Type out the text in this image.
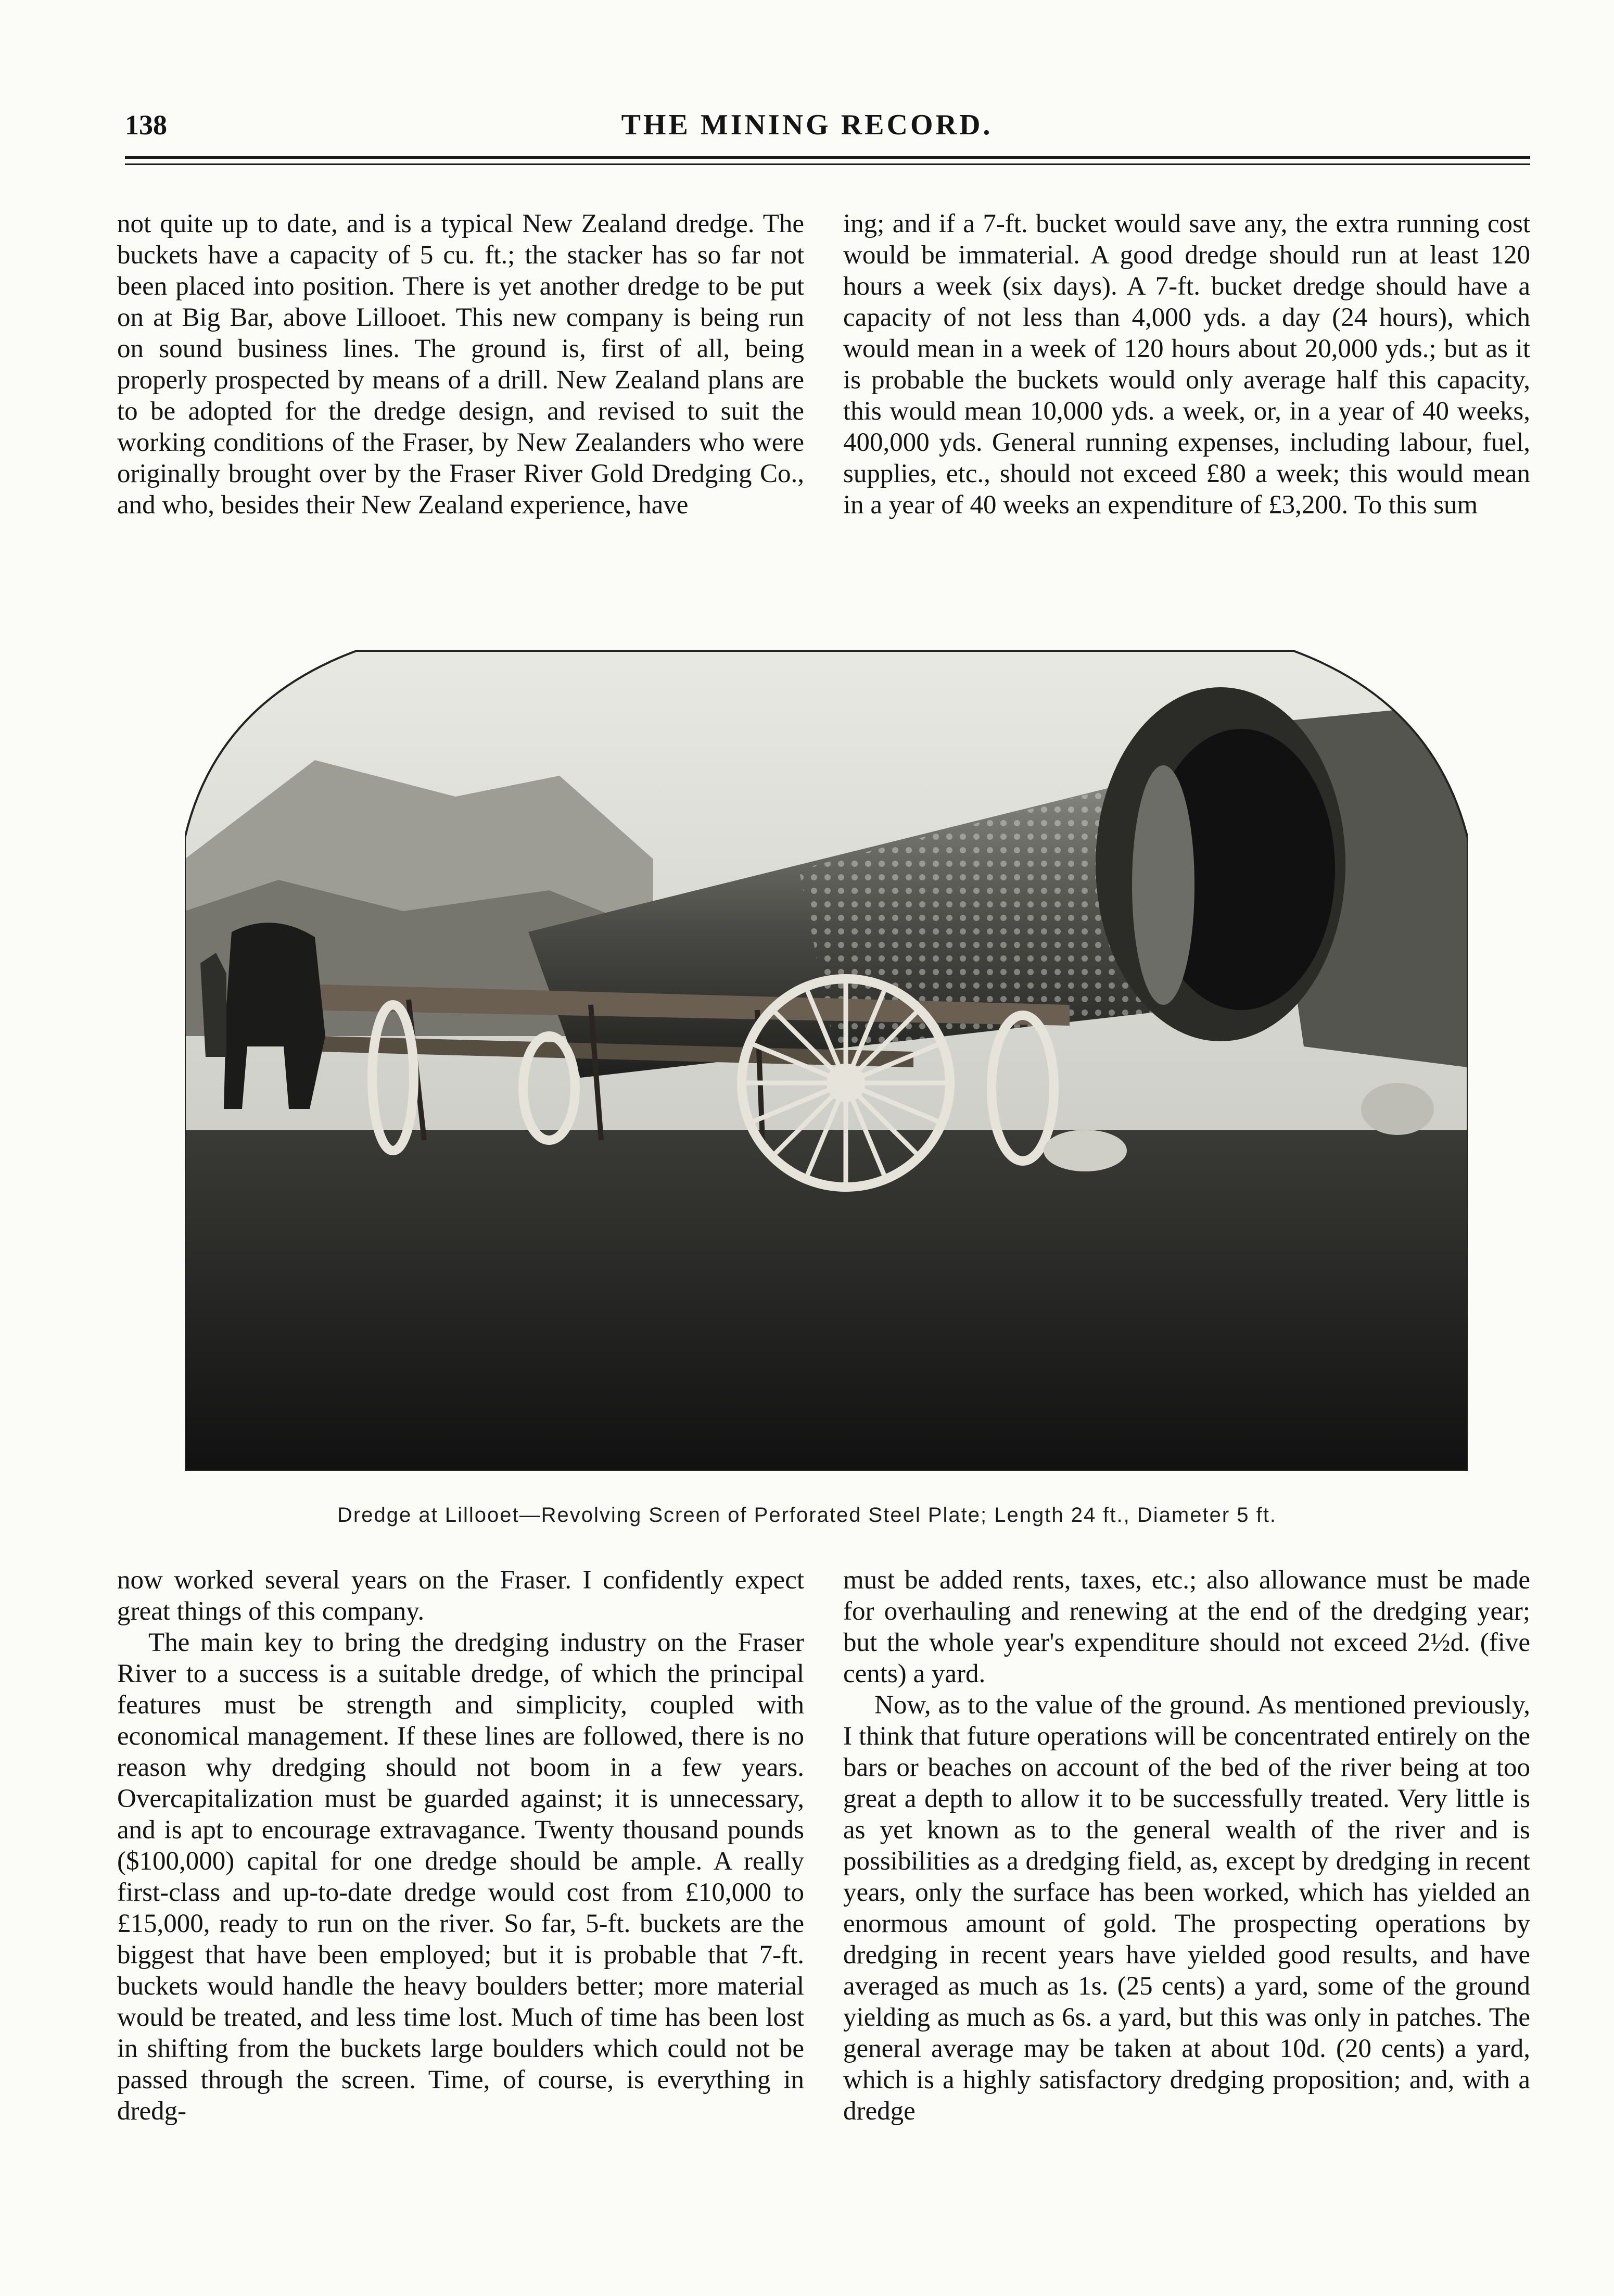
THE MINING RECORD.
138

not quite up to date, and is a typical New Zealand dredge. The buckets have a capacity of 5 cu. ft.; the stacker has so far not been placed into position. There is yet another dredge to be put on at Big Bar, above Lillooet. This new company is being run on sound business lines. The ground is, first of all, being properly prospected by means of a drill. New Zealand plans are to be adopted for the dredge design, and revised to suit the working conditions of the Fraser, by New Zealanders who were originally brought over by the Fraser River Gold Dredging Co., and who, besides their New Zealand experience, have

ing; and if a 7-ft. bucket would save any, the extra running cost would be immaterial. A good dredge should run at least 120 hours a week (six days). A 7-ft. bucket dredge should have a capacity of not less than 4,000 yds. a day (24 hours), which would mean in a week of 120 hours about 20,000 yds.; but as it is probable the buckets would only average half this capacity, this would mean 10,000 yds. a week, or, in a year of 40 weeks, 400,000 yds. General running expenses, including labour, fuel, supplies, etc., should not exceed £80 a week; this would mean in a year of 40 weeks an expenditure of £3,200. To this sum

Dredge at Lillooet—Revolving Screen of Perforated Steel Plate; Length 24 ft., Diameter 5 ft.

now worked several years on the Fraser. I confidently expect great things of this company.

The main key to bring the dredging industry on the Fraser River to a success is a suitable dredge, of which the principal features must be strength and simplicity, coupled with economical management. If these lines are followed, there is no reason why dredging should not boom in a few years. Overcapitalization must be guarded against; it is unnecessary, and is apt to encourage extravagance. Twenty thousand pounds ($100,000) capital for one dredge should be ample. A really first-class and up-to-date dredge would cost from £10,000 to £15,000, ready to run on the river. So far, 5-ft. buckets are the biggest that have been employed; but it is probable that 7-ft. buckets would handle the heavy boulders better; more material would be treated, and less time lost. Much of time has been lost in shifting from the buckets large boulders which could not be passed through the screen. Time, of course, is everything in dredg-

must be added rents, taxes, etc.; also allowance must be made for overhauling and renewing at the end of the dredging year; but the whole year's expenditure should not exceed 2½d. (five cents) a yard.

Now, as to the value of the ground. As mentioned previously, I think that future operations will be concentrated entirely on the bars or beaches on account of the bed of the river being at too great a depth to allow it to be successfully treated. Very little is as yet known as to the general wealth of the river and is possibilities as a dredging field, as, except by dredging in recent years, only the surface has been worked, which has yielded an enormous amount of gold. The prospecting operations by dredging in recent years have yielded good results, and have averaged as much as 1s. (25 cents) a yard, some of the ground yielding as much as 6s. a yard, but this was only in patches. The general average may be taken at about 10d. (20 cents) a yard, which is a highly satisfactory dredging proposition; and, with a dredge
